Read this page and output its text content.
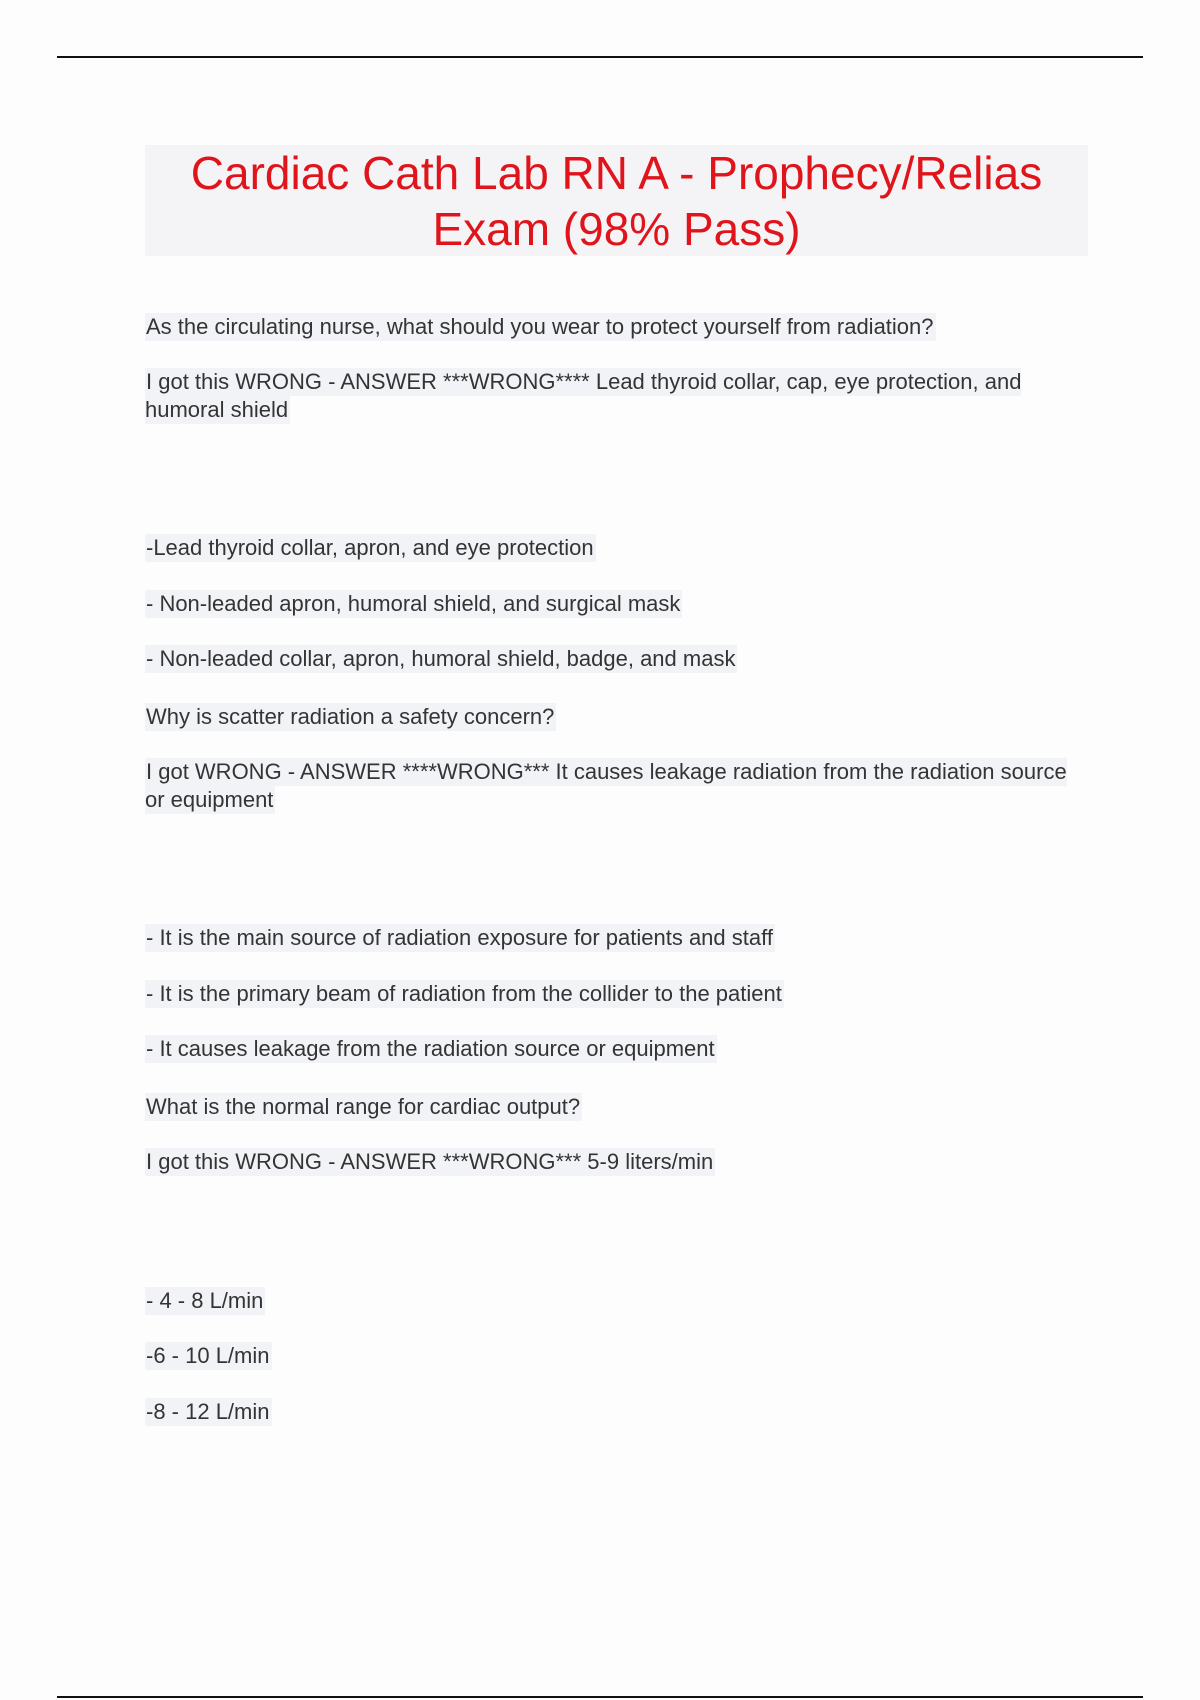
Cardiac Cath Lab RN A - Prophecy/Relias Exam (98% Pass)

As the circulating nurse, what should you wear to protect yourself from radiation?

I got this WRONG - ANSWER ***WRONG**** Lead thyroid collar, cap, eye protection, and humoral shield

-Lead thyroid collar, apron, and eye protection

- Non-leaded apron, humoral shield, and surgical mask

- Non-leaded collar, apron, humoral shield, badge, and mask

Why is scatter radiation a safety concern?

I got WRONG - ANSWER ****WRONG*** It causes leakage radiation from the radiation source or equipment

- It is the main source of radiation exposure for patients and staff

- It is the primary beam of radiation from the collider to the patient

- It causes leakage from the radiation source or equipment

What is the normal range for cardiac output?

I got this WRONG - ANSWER ***WRONG*** 5-9 liters/min

- 4 - 8 L/min

-6 - 10 L/min

-8 - 12 L/min
